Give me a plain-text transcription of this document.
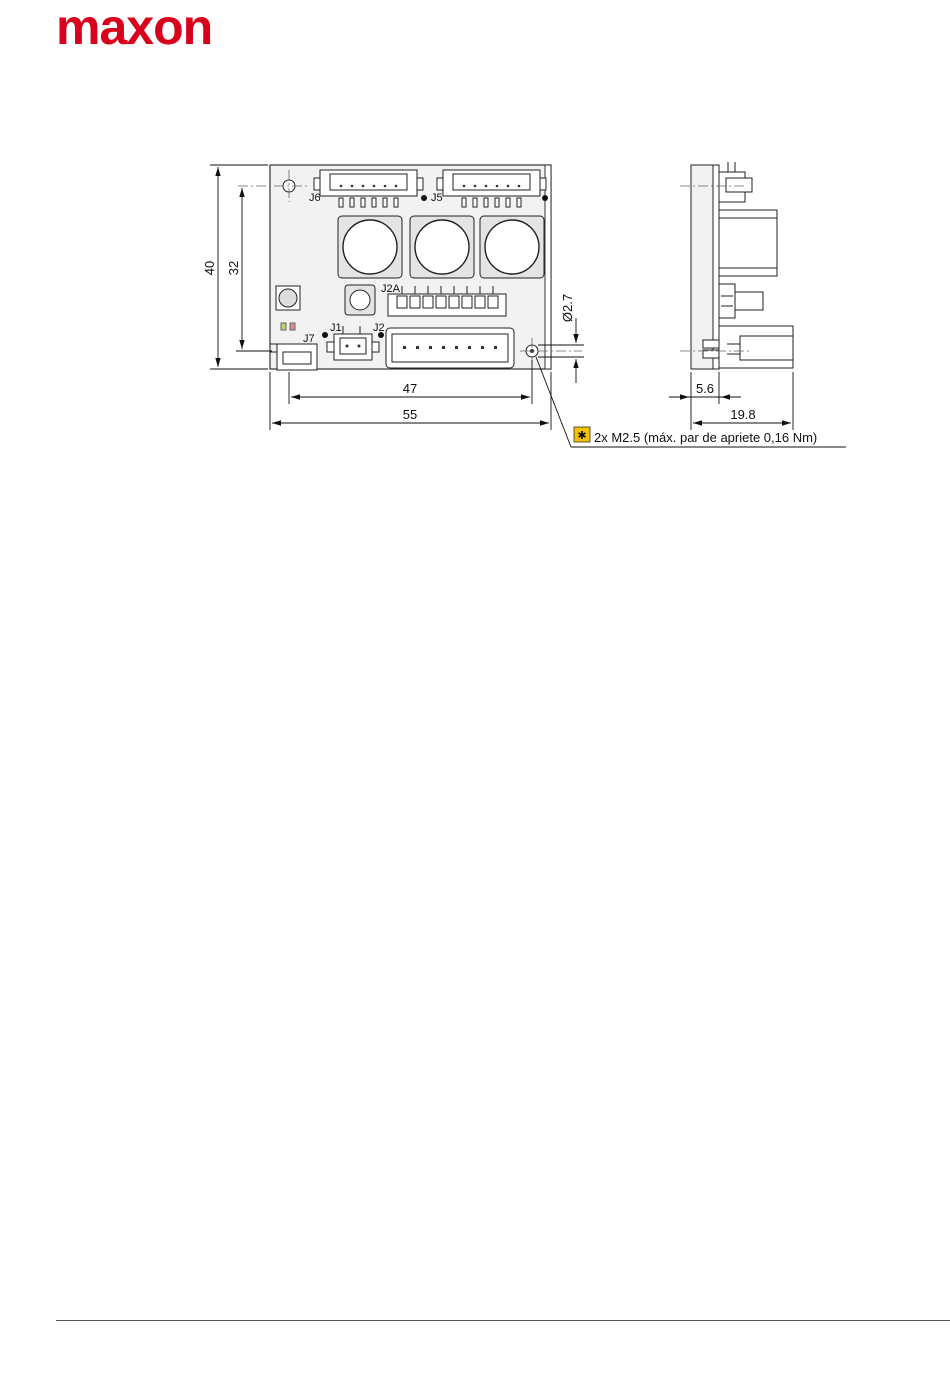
maxon
J6	J5
J2A
J1	J2
J7
40 32
47
55
Ø2.7
✱ 2x M2.5 (máx. par de apriete 0,16 Nm)
5.6
19.8
